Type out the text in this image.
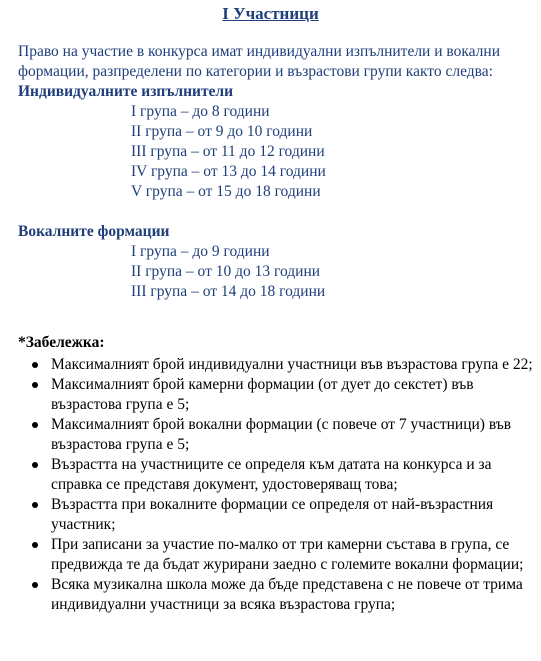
I Участници

Право на участие в конкурса имат индивидуални изпълнители и вокални формации, разпределени по категории и възрастови групи както следва:

Индивидуалните изпълнители
I група – до 8 години
II група – от 9 до 10 години
III група – от 11 до 12 години
IV група – от 13 до 14 години
V група – от 15 до 18 години
Вокалните формации
I група – до 9 години
II група – от 10 до 13 години
III група – от 14 до 18 години
*Забележка:
Максималният брой индивидуални участници във възрастова група е 22;
Максималният брой камерни формации (от дует до секстет) във възрастова група е 5;
Максималният брой вокални формации (с повече от 7 участници) във възрастова група е 5;
Възрастта на участниците се определя към датата на конкурса и за справка се представя документ, удостоверяващ това;
Възрастта при вокалните формации се определя от най-възрастния участник;
При записани за участие по-малко от три камерни състава в група, се предвижда те да бъдат журирани заедно с големите вокални формации;
Всяка музикална школа може да бъде представена с не повече от трима индивидуални участници за всяка възрастова група;
